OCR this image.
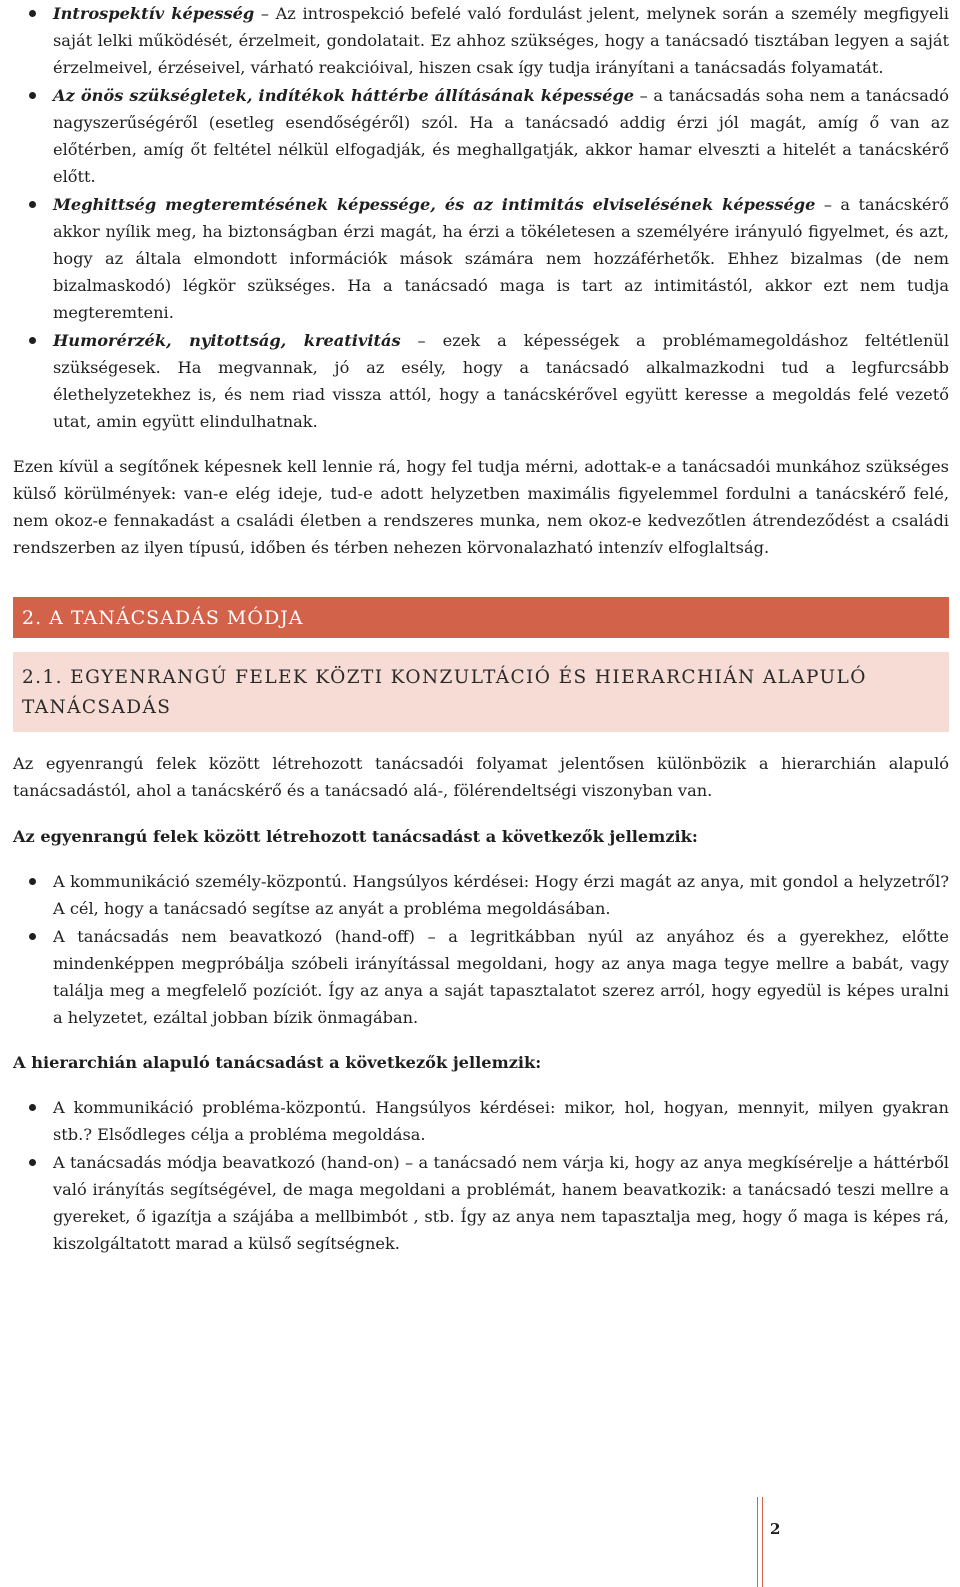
Introspektív képesség – Az introspekció befelé való fordulást jelent, melynek során a személy megfigyeli saját lelki működését, érzelmeit, gondolatait. Ez ahhoz szükséges, hogy a tanácsadó tisztában legyen a saját érzelmeivel, érzéseivel, várható reakcióival, hiszen csak így tudja irányítani a tanácsadás folyamatát.
Az önös szükségletek, indítékok háttérbe állításának képessége – a tanácsadás soha nem a tanácsadó nagyszerűségéről (esetleg esendőségéről) szól. Ha a tanácsadó addig érzi jól magát, amíg ő van az előtérben, amíg őt feltétel nélkül elfogadják, és meghallgatják, akkor hamar elveszti a hitelét a tanácskérő előtt.
Meghittség megteremtésének képessége, és az intimitás elviselésének képessége – a tanácskérő akkor nyílik meg, ha biztonságban érzi magát, ha érzi a tökéletesen a személyére irányuló figyelmet, és azt, hogy az általa elmondott információk mások számára nem hozzáférhetők. Ehhez bizalmas (de nem bizalmaskodó) légkör szükséges. Ha a tanácsadó maga is tart az intimitástól, akkor ezt nem tudja megteremteni.
Humorérzék, nyitottság, kreativitás – ezek a képességek a problémamegoldáshoz feltétlenül szükségesek. Ha megvannak, jó az esély, hogy a tanácsadó alkalmazkodni tud a legfurcsább élethelyzetekhez is, és nem riad vissza attól, hogy a tanácskérővel együtt keresse a megoldás felé vezető utat, amin együtt elindulhatnak.

Ezen kívül a segítőnek képesnek kell lennie rá, hogy fel tudja mérni, adottak-e a tanácsadói munkához szükséges külső körülmények: van-e elég ideje, tud-e adott helyzetben maximális figyelemmel fordulni a tanácskérő felé, nem okoz-e fennakadást a családi életben a rendszeres munka, nem okoz-e kedvezőtlen átrendeződést a családi rendszerben az ilyen típusú, időben és térben nehezen körvonalazható intenzív elfoglaltság.

2. A TANÁCSADÁS MÓDJA
2.1. EGYENRANGÚ FELEK KÖZTI KONZULTÁCIÓ ÉS HIERARCHIÁN ALAPULÓ TANÁCSADÁS

Az egyenrangú felek között létrehozott tanácsadói folyamat jelentősen különbözik a hierarchián alapuló tanácsadástól, ahol a tanácskérő és a tanácsadó alá-, fölérendeltségi viszonyban van.

Az egyenrangú felek között létrehozott tanácsadást a következők jellemzik:

A kommunikáció személy-központú. Hangsúlyos kérdései: Hogy érzi magát az anya, mit gondol a helyzetről? A cél, hogy a tanácsadó segítse az anyát a probléma megoldásában.
A tanácsadás nem beavatkozó (hand-off) – a legritkábban nyúl az anyához és a gyerekhez, előtte mindenképpen megpróbálja szóbeli irányítással megoldani, hogy az anya maga tegye mellre a babát, vagy találja meg a megfelelő pozíciót. Így az anya a saját tapasztalatot szerez arról, hogy egyedül is képes uralni a helyzetet, ezáltal jobban bízik önmagában.

A hierarchián alapuló tanácsadást a következők jellemzik:

A kommunikáció probléma-központú. Hangsúlyos kérdései: mikor, hol, hogyan, mennyit, milyen gyakran stb.? Elsődleges célja a probléma megoldása.
A tanácsadás módja beavatkozó (hand-on) – a tanácsadó nem várja ki, hogy az anya megkísérelje a háttérből való irányítás segítségével, de maga megoldani a problémát, hanem beavatkozik: a tanácsadó teszi mellre a gyereket, ő igazítja a szájába a mellbimbót , stb. Így az anya nem tapasztalja meg, hogy ő maga is képes rá, kiszolgáltatott marad a külső segítségnek.
2
